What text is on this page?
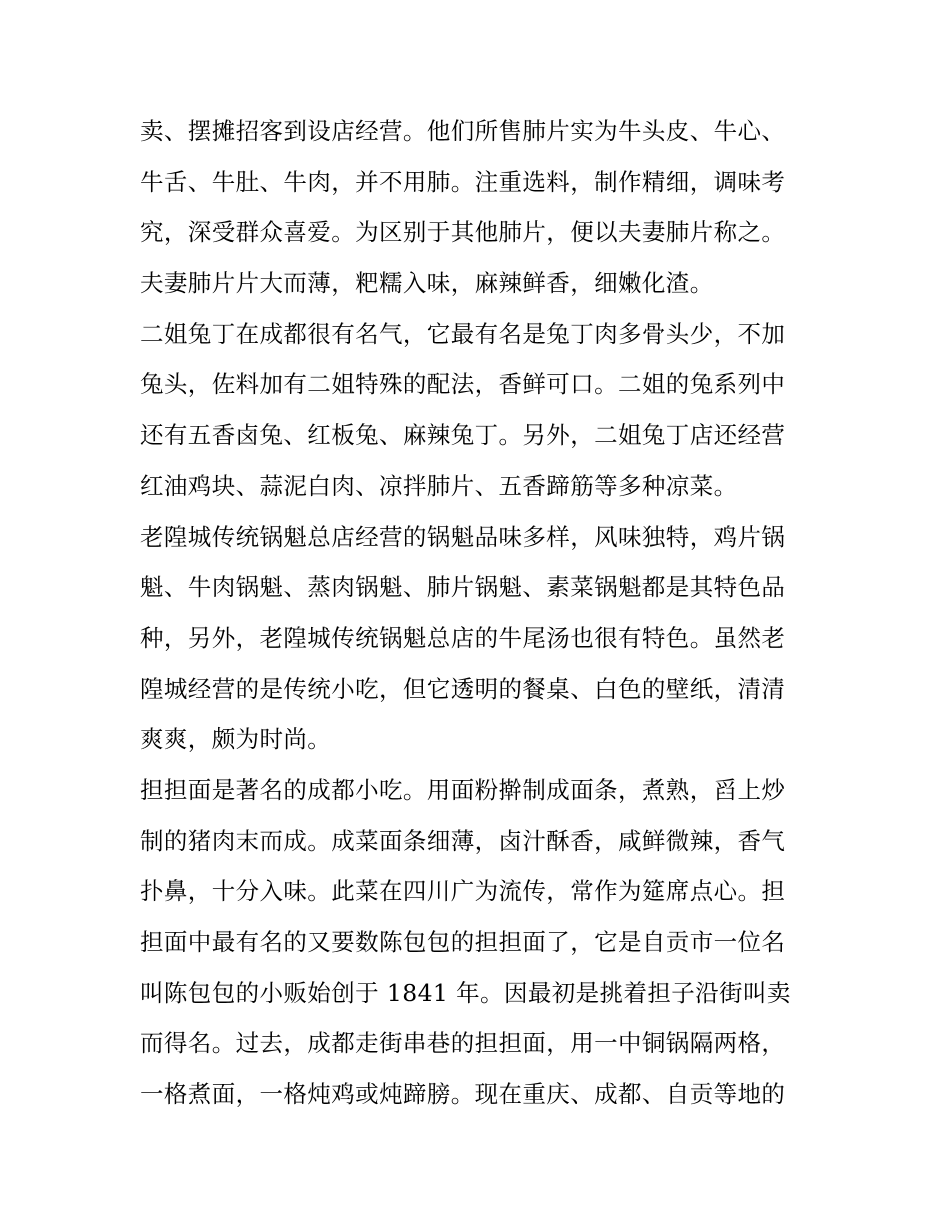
卖、摆摊招客到设店经营。他们所售肺片实为牛头皮、牛心、
牛舌、牛肚、牛肉，并不用肺。注重选料，制作精细，调味考
究，深受群众喜爱。为区别于其他肺片，便以夫妻肺片称之。
夫妻肺片片大而薄，粑糯入味，麻辣鲜香，细嫩化渣。
二姐兔丁在成都很有名气，它最有名是兔丁肉多骨头少，不加
兔头，佐料加有二姐特殊的配法，香鲜可口。二姐的兔系列中
还有五香卤兔、红板兔、麻辣兔丁。另外，二姐兔丁店还经营
红油鸡块、蒜泥白肉、凉拌肺片、五香蹄筋等多种凉菜。
老隍城传统锅魁总店经营的锅魁品味多样，风味独特，鸡片锅
魁、牛肉锅魁、蒸肉锅魁、肺片锅魁、素菜锅魁都是其特色品
种，另外，老隍城传统锅魁总店的牛尾汤也很有特色。虽然老
隍城经营的是传统小吃，但它透明的餐桌、白色的壁纸，清清
爽爽，颇为时尚。
担担面是著名的成都小吃。用面粉擀制成面条，煮熟，舀上炒
制的猪肉末而成。成菜面条细薄，卤汁酥香，咸鲜微辣，香气
扑鼻，十分入味。此菜在四川广为流传，常作为筵席点心。担
担面中最有名的又要数陈包包的担担面了，它是自贡市一位名
叫陈包包的小贩始创于 1841 年。因最初是挑着担子沿街叫卖
而得名。过去，成都走街串巷的担担面，用一中铜锅隔两格，
一格煮面，一格炖鸡或炖蹄膀。现在重庆、成都、自贡等地的
